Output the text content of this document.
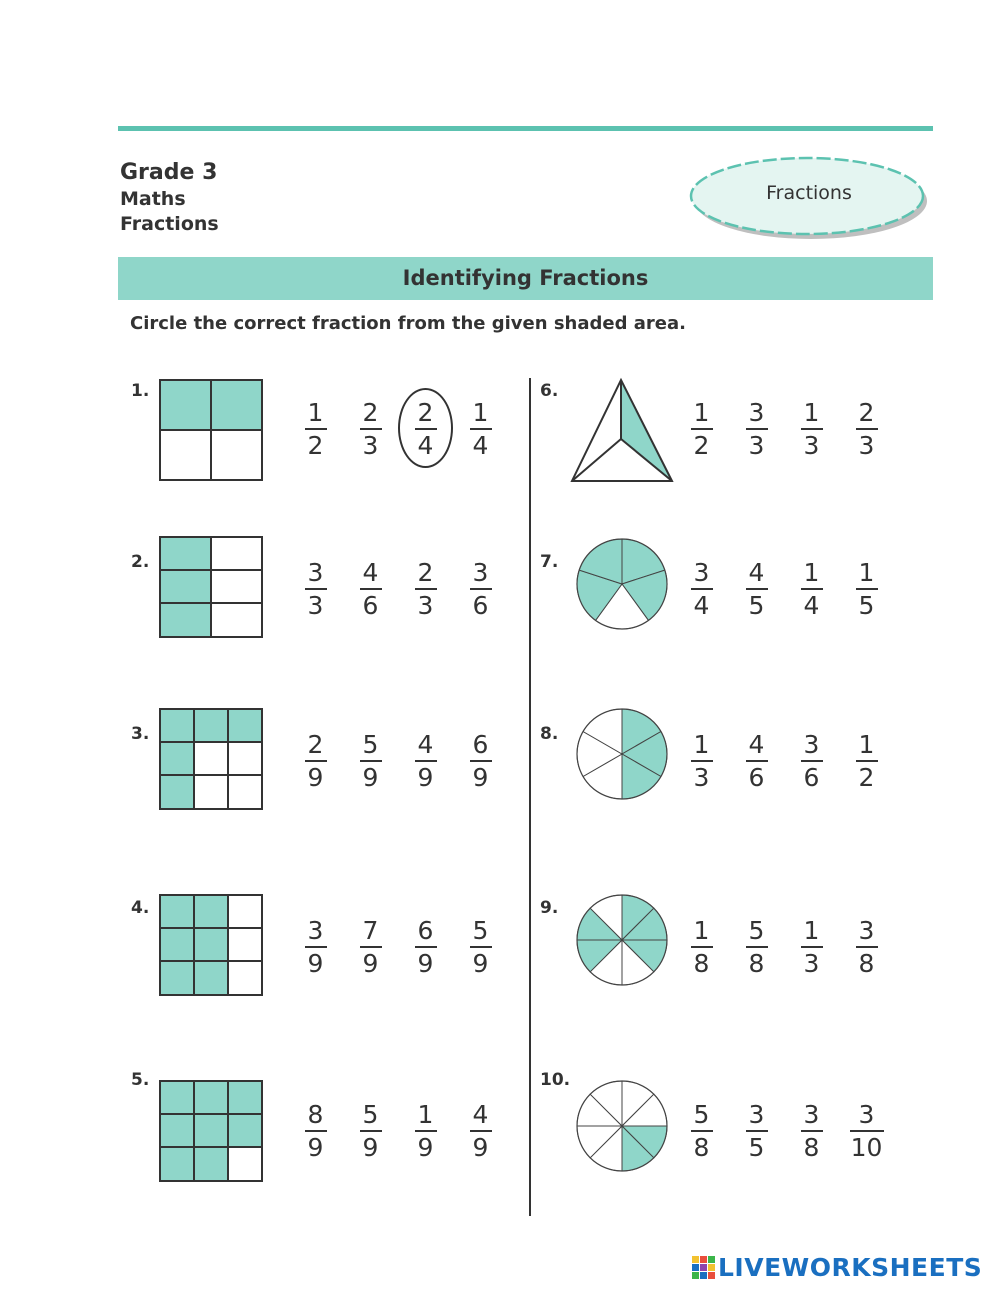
Grade 3
Maths
Fractions
Fractions
Identifying Fractions
Circle the correct fraction from the given shaded area.
1.
2.
3.
4.
5.
6.
7.
8.
9.
10.
$\frac{1}{2} \frac{2}{3} \frac{2}{4} \frac{1}{4}$
$\frac{3}{3} \frac{4}{6} \frac{2}{3} \frac{3}{6}$
$\frac{2}{9} \frac{5}{9} \frac{4}{9} \frac{6}{9}$
$\frac{3}{9} \frac{7}{9} \frac{6}{9} \frac{5}{9}$
$\frac{8}{9} \frac{5}{9} \frac{1}{9} \frac{4}{9}$
$\frac{1}{2} \frac{3}{3} \frac{1}{3} \frac{2}{3}$
$\frac{3}{4} \frac{4}{5} \frac{1}{4} \frac{1}{5}$
$\frac{1}{3} \frac{4}{6} \frac{3}{6} \frac{1}{2}$
$\frac{1}{8} \frac{5}{8} \frac{1}{3} \frac{3}{8}$
$\frac{5}{8} \frac{3}{5} \frac{3}{8} \frac{3}{10}$
LIVEWORKSHEETS
